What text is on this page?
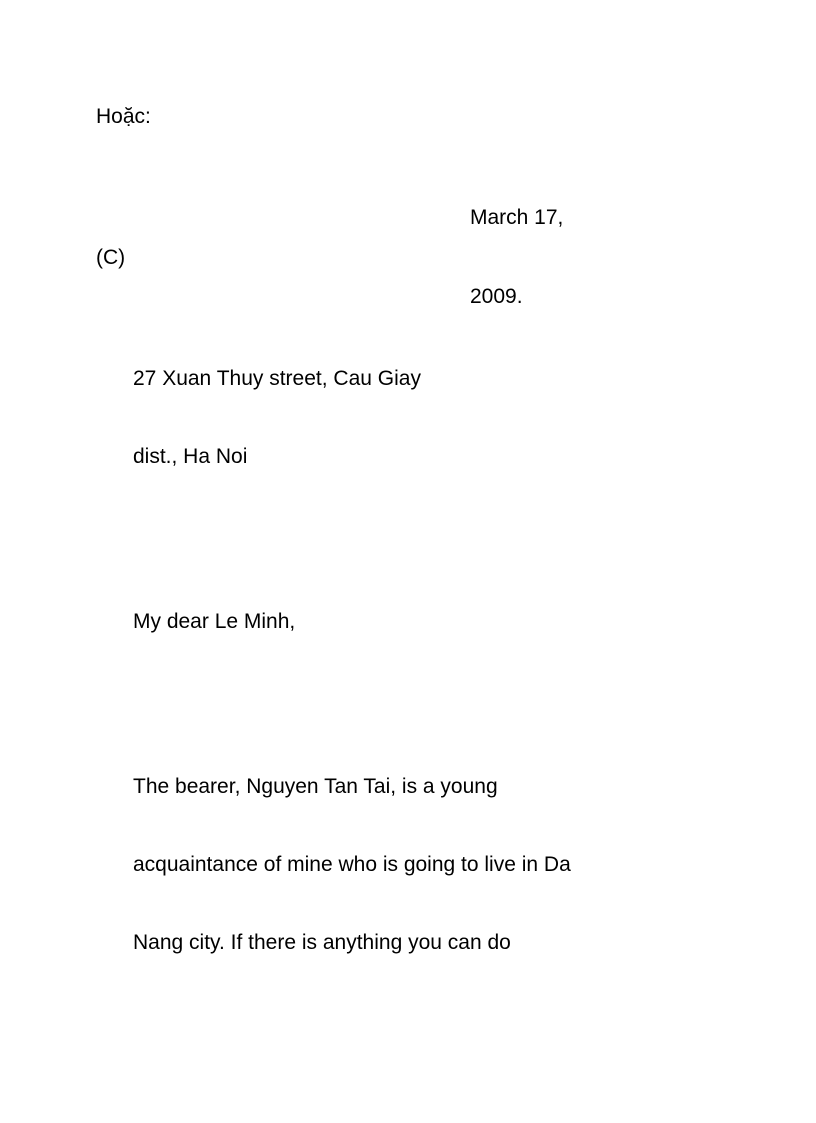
Hoặc:
March 17,
(C)
2009.
27 Xuan Thuy street, Cau Giay
dist., Ha Noi
My dear Le Minh,
The bearer, Nguyen Tan Tai, is a young
acquaintance of mine who is going to live in Da
Nang city. If there is anything you can do
